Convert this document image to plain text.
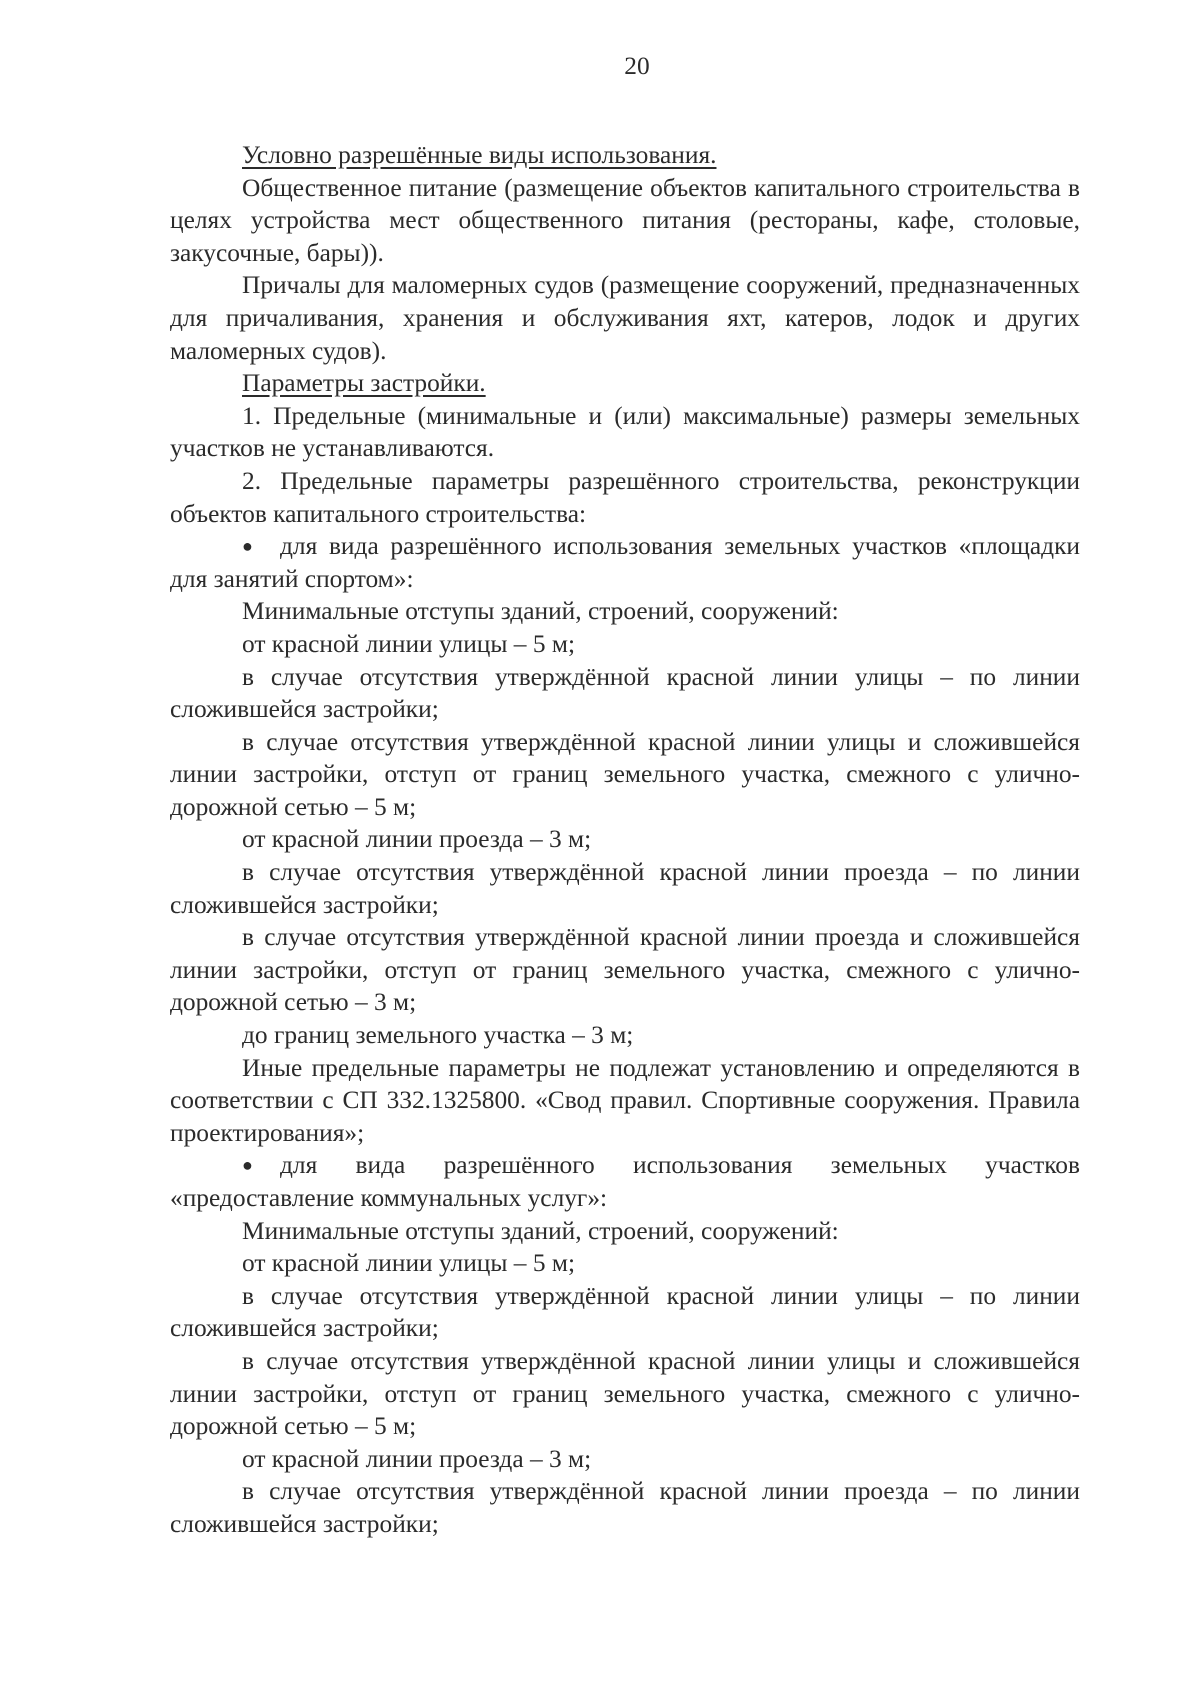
20

Условно разрешённые виды использования.

Общественное питание (размещение объектов капитального строительства в целях устройства мест общественного питания (рестораны, кафе, столовые, закусочные, бары)).

Причалы для маломерных судов (размещение сооружений, предназначенных для причаливания, хранения и обслуживания яхт, катеров, лодок и других маломерных судов).

Параметры застройки.

1. Предельные (минимальные и (или) максимальные) размеры земельных участков не устанавливаются.

2. Предельные параметры разрешённого строительства, реконструкции объектов капитального строительства:

● для вида разрешённого использования земельных участков «площадки для занятий спортом»:

Минимальные отступы зданий, строений, сооружений:

от красной линии улицы – 5 м;

в случае отсутствия утверждённой красной линии улицы – по линии сложившейся застройки;

в случае отсутствия утверждённой красной линии улицы и сложившейся линии застройки, отступ от границ земельного участка, смежного с улично-дорожной сетью – 5 м;

от красной линии проезда – 3 м;

в случае отсутствия утверждённой красной линии проезда – по линии сложившейся застройки;

в случае отсутствия утверждённой красной линии проезда и сложившейся линии застройки, отступ от границ земельного участка, смежного с улично-дорожной сетью – 3 м;

до границ земельного участка – 3 м;

Иные предельные параметры не подлежат установлению и определяются в соответствии с СП 332.1325800. «Свод правил. Спортивные сооружения. Правила проектирования»;

● для вида разрешённого использования земельных участков «предоставление коммунальных услуг»:

Минимальные отступы зданий, строений, сооружений:

от красной линии улицы – 5 м;

в случае отсутствия утверждённой красной линии улицы – по линии сложившейся застройки;

в случае отсутствия утверждённой красной линии улицы и сложившейся линии застройки, отступ от границ земельного участка, смежного с улично-дорожной сетью – 5 м;

от красной линии проезда – 3 м;

в случае отсутствия утверждённой красной линии проезда – по линии сложившейся застройки;
